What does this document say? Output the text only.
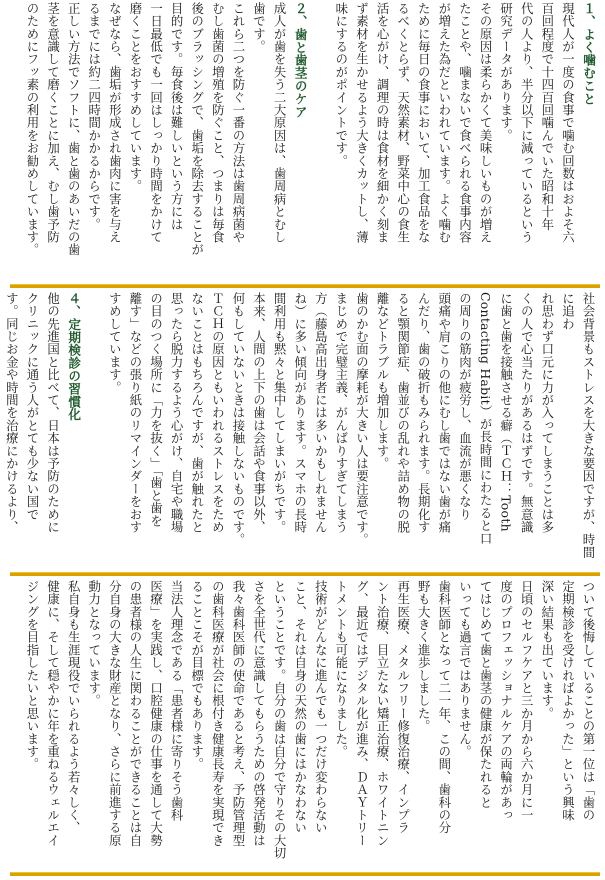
１、よく噛むこと

現代人が一度の食事で噛む回数はおよそ六
百回程度で十四百回噛んでいた昭和十年
代の人より、半分以下に減っているという
研究データがあります。
その原因は柔らかくて美味しいものが増え
たことや、噛まないで食べられる食事内容
が増えた為だといわれています。よく噛む
ために毎日の食事において、加工食品をな
るべくとらず、天然素材、野菜中心の食生
活を心がけ、調理の時は食材を細かく刻ま
ず素材を生かせるよう大きくカットし、薄
味にするのがポイントです。

２、歯と歯茎のケア

成人が歯を失う二大原因は、歯周病とむし
歯です。
これら二つを防ぐ一番の方法は歯周病菌や
むし歯菌の増殖を防ぐこと、つまりは毎食
後のブラッシングで、歯垢を除去することが
目的です。毎食後は難しいという方には
一日最低でも一回はしっかり時間をかけて
磨くことをおすすめしています。
なぜなら、歯垢が形成され歯肉に害を与え
るまでには約二四時間かかるからです。
正しい方法でソフトに、歯と歯のあいだの歯
茎を意識して磨くことに加え、むし歯予防
のためにフッ素の利用をお勧めしています。

社会背景もストレスを大きな要因ですが、時間に追わ
れ思わず口元に力が入ってしまうことは多
くの人で心当たりがあるはずです。無意識
に歯と歯を接触させる癖（ＴＣＨ：Tooth
Contacting Habit）が長時間にわたると口
の周りの筋肉が疲労し、血流が悪くなり
頭痛や肩こりの他にむし歯ではない歯が痛
んだり、歯の破折もみられます。長期化す
ると顎関節症、歯並びの乱れや詰め物の脱
離などトラブルも増加します。
歯のかむ面の摩耗が大きい人は要注意です。
まじめで完璧主義、がんばりすぎてしまう
方（藤島高出身者には多いかもしれません
ね）に多い傾向があります。スマホの長時
間利用も黙々と集中してしまいがちです。
本来、人間の上下の歯は会話や食事以外、
何もしていないときは接触しないものです。
ＴＣＨの原因ともいわれるストレスをため
ないことはもちろんですが、歯が触れたと
思ったら脱力するよう心がけ、自宅や職場
の目のつく場所に「力を抜く」「歯と歯を
離す」などの張り紙のリマインダーをおす
すめしています。

４、定期検診の習慣化

他の先進国と比べて、日本は予防のために
クリニックに通う人がとても少ない国で
す。同じお金や時間を治療にかけるより、
ついて後悔していることの第一位は「歯の
定期検診を受ければよかった」という興味
深い結果も出ています。
日頃のセルフケアと三か月から六か月に一
度のプロフェッショナルケアの両輪があっ
てはじめて歯と歯茎の健康が保たれると
いっても過言ではありません。
歯科医師となって二一年、この間、歯科の分
野も大きく進歩しました。
再生医療、メタルフリー修復治療、インプラ
ント治療、目立たない矯正治療、ホワイトニン
グ、最近ではデジタル化が進み、ＤＡＹトリー
トメントも可能になりました。
技術がどんなに進んでも一つだけ変わらない
こと、それは自身の天然の歯にはかなわない
ということです。自分の歯は自分で守りその大切
さを全世代に意識してもらうための啓発活動は
我々歯科医師の使命であると考え、予防管理型
の歯科医療が社会に根付き健康長寿を実現でき
ることこそが目標でもあります。
当法人理念である「患者様に寄りそう歯科
医療」を実践し、口腔健康の仕事を通して大勢
の患者様の人生に関わることができることは自
分自身の大きな財産となり、さらに前進する原
動力となっています。
私自身も生涯現役でいられるよう若々しく、
健康に、そして穏やかに年を重ねるウェルエイ
ジングを目指したいと思います。
